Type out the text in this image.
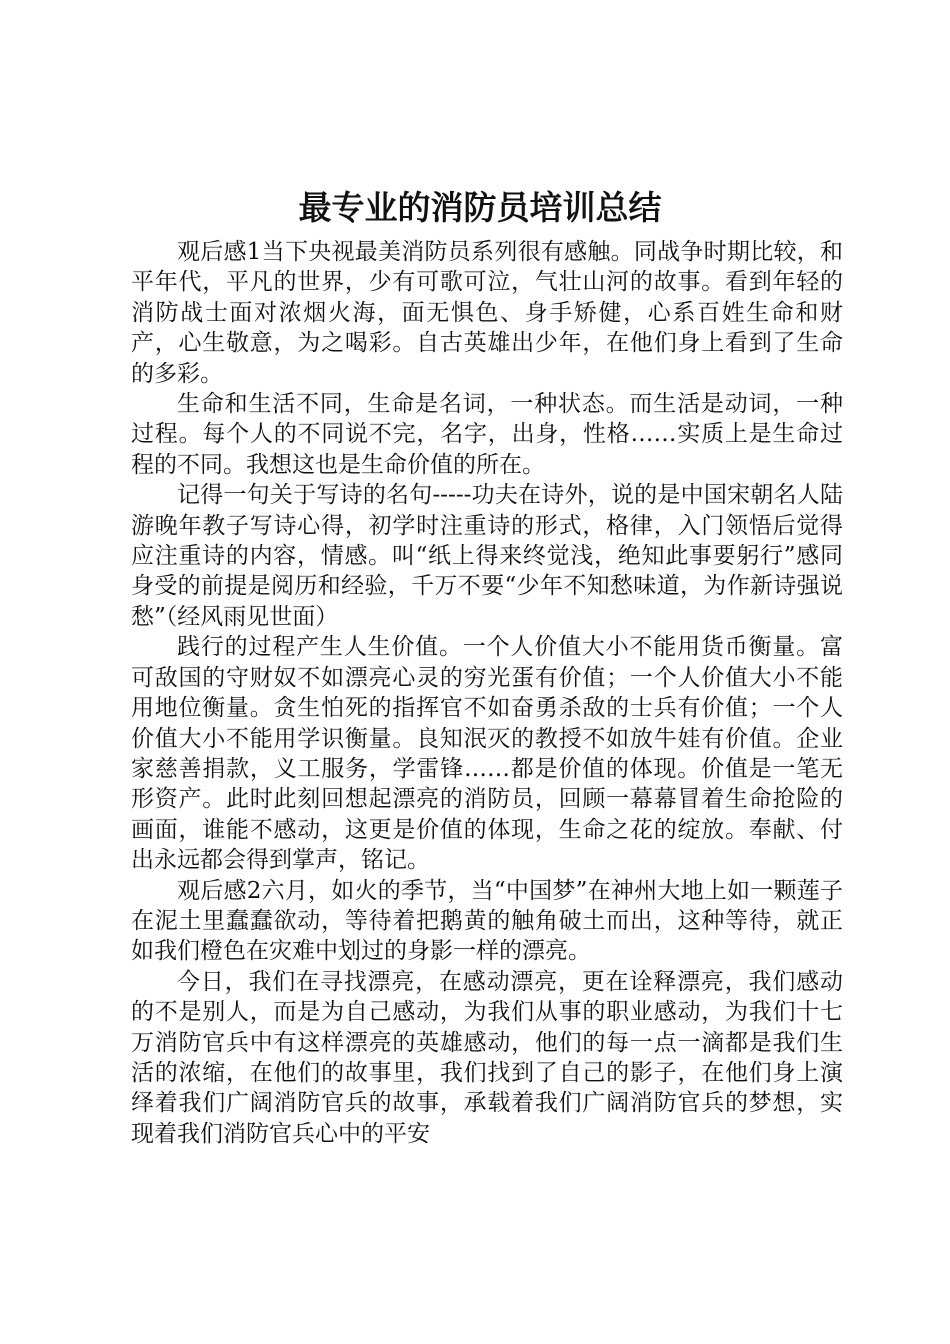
最专业的消防员培训总结

观后感1当下央视最美消防员系列很有感触。同战争时期比较，和平年代，平凡的世界，少有可歌可泣，气壮山河的故事。看到年轻的消防战士面对浓烟火海，面无惧色、身手矫健，心系百姓生命和财产，心生敬意，为之喝彩。自古英雄出少年，在他们身上看到了生命的多彩。

生命和生活不同，生命是名词，一种状态。而生活是动词，一种过程。每个人的不同说不完，名字，出身，性格……实质上是生命过程的不同。我想这也是生命价值的所在。

记得一句关于写诗的名句-----功夫在诗外，说的是中国宋朝名人陆游晚年教子写诗心得，初学时注重诗的形式，格律，入门领悟后觉得应注重诗的内容，情感。叫“纸上得来终觉浅，绝知此事要躬行”感同身受的前提是阅历和经验，千万不要“少年不知愁味道，为作新诗强说愁”（经风雨见世面）

践行的过程产生人生价值。一个人价值大小不能用货币衡量。富可敌国的守财奴不如漂亮心灵的穷光蛋有价值；一个人价值大小不能用地位衡量。贪生怕死的指挥官不如奋勇杀敌的士兵有价值；一个人价值大小不能用学识衡量。良知泯灭的教授不如放牛娃有价值。企业家慈善捐款，义工服务，学雷锋……都是价值的体现。价值是一笔无形资产。此时此刻回想起漂亮的消防员，回顾一幕幕冒着生命抢险的画面，谁能不感动，这更是价值的体现，生命之花的绽放。奉献、付出永远都会得到掌声，铭记。

观后感2六月，如火的季节，当“中国梦”在神州大地上如一颗莲子在泥土里蠢蠢欲动，等待着把鹅黄的触角破土而出，这种等待，就正如我们橙色在灾难中划过的身影一样的漂亮。

今日，我们在寻找漂亮，在感动漂亮，更在诠释漂亮，我们感动的不是别人，而是为自己感动，为我们从事的职业感动，为我们十七万消防官兵中有这样漂亮的英雄感动，他们的每一点一滴都是我们生活的浓缩，在他们的故事里，我们找到了自己的影子，在他们身上演绎着我们广阔消防官兵的故事，承载着我们广阔消防官兵的梦想，实现着我们消防官兵心中的平安
